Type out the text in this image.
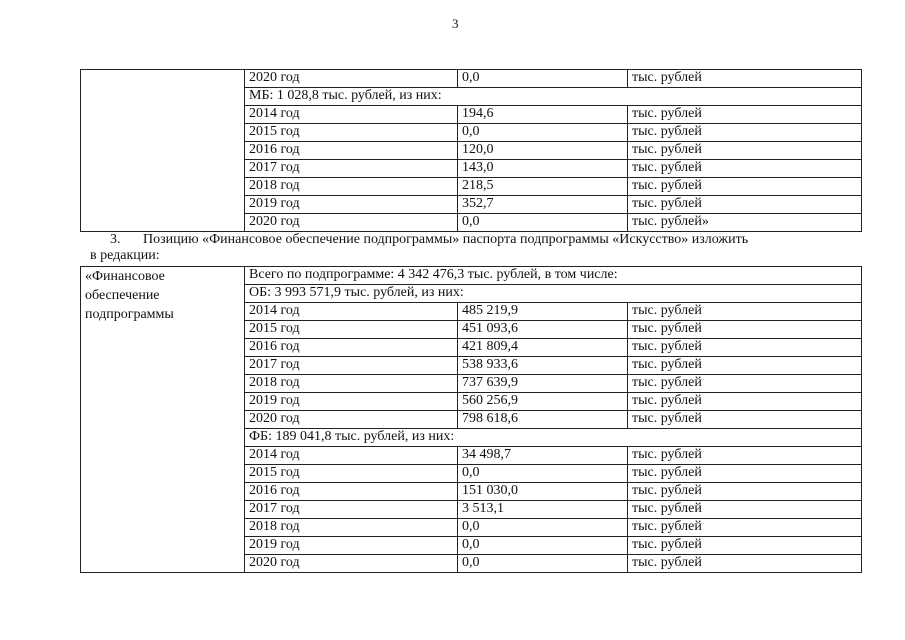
3
	2020 год	0,0	тыс. рублей
	МБ: 1 028,8 тыс. рублей, из них:		
	2014 год	194,6	тыс. рублей
	2015 год	0,0	тыс. рублей
	2016 год	120,0	тыс. рублей
	2017 год	143,0	тыс. рублей
	2018 год	218,5	тыс. рублей
	2019 год	352,7	тыс. рублей
	2020 год	0,0	тыс. рублей»
3. Позицию «Финансовое обеспечение подпрограммы» паспорта подпрограммы «Искусство» изложить
в редакции:
«Финансовое обеспечение подпрограммы	Всего по подпрограмме: 4 342 476,3 тыс. рублей, в том числе:		
	ОБ: 3 993 571,9 тыс. рублей, из них:		
	2014 год	485 219,9	тыс. рублей
	2015 год	451 093,6	тыс. рублей
	2016 год	421 809,4	тыс. рублей
	2017 год	538 933,6	тыс. рублей
	2018 год	737 639,9	тыс. рублей
	2019 год	560 256,9	тыс. рублей
	2020 год	798 618,6	тыс. рублей
	ФБ: 189 041,8 тыс. рублей, из них:		
	2014 год	34 498,7	тыс. рублей
	2015 год	0,0	тыс. рублей
	2016 год	151 030,0	тыс. рублей
	2017 год	3 513,1	тыс. рублей
	2018 год	0,0	тыс. рублей
	2019 год	0,0	тыс. рублей
	2020 год	0,0	тыс. рублей
